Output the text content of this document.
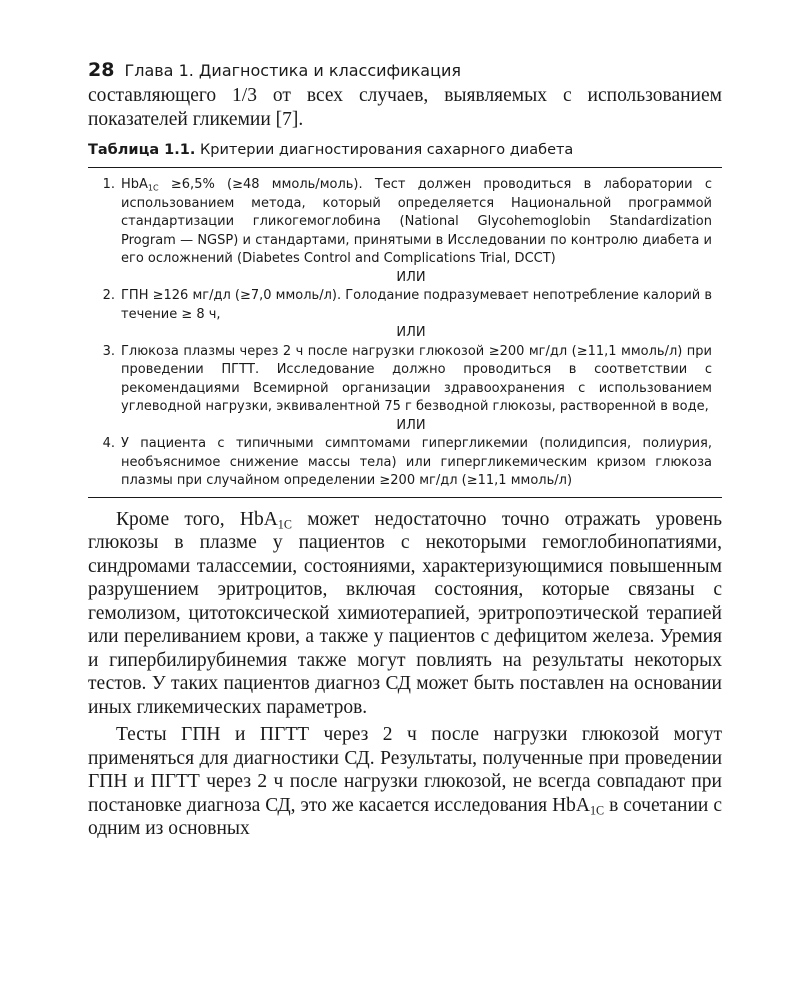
28 Глава 1. Диагностика и классификация

составляющего 1/3 от всех случаев, выявляемых с использованием показателей гликемии [7].

Таблица 1.1. Критерии диагностирования сахарного диабета
1. HbA$_{1C}$ ≥6,5% (≥48 ммоль/моль). Тест должен проводиться в лаборатории с использованием метода, который определяется Национальной программой стандартизации гликогемоглобина (National Glycohemoglobin Standardization Program — NGSP) и стандартами, принятыми в Исследовании по контролю диабета и его осложнений (Diabetes Control and Complications Trial, DCCT)
ИЛИ
2. ГПН ≥126 мг/дл (≥7,0 ммоль/л). Голодание подразумевает непотребление калорий в течение ≥ 8 ч,
ИЛИ
3. Глюкоза плазмы через 2 ч после нагрузки глюкозой ≥200 мг/дл (≥11,1 ммоль/л) при проведении ПГТТ. Исследование должно проводиться в соответствии с рекомендациями Всемирной организации здравоохранения с использованием углеводной нагрузки, эквивалентной 75 г безводной глюкозы, растворенной в воде,
ИЛИ
4. У пациента с типичными симптомами гипергликемии (полидипсия, полиурия, необъяснимое снижение массы тела) или гипергликемическим кризом глюкоза плазмы при случайном определении ≥200 мг/дл (≥11,1 ммоль/л)

Кроме того, HbA$_{1C}$ может недостаточно точно отражать уровень глюкозы в плазме у пациентов с некоторыми гемоглобинопатиями, синдромами талассемии, состояниями, характеризующимися повышенным разрушением эритроцитов, включая состояния, которые связаны с гемолизом, цитотоксической химиотерапией, эритропоэтической терапией или переливанием крови, а также у пациентов с дефицитом железа. Уремия и гипербилирубинемия также могут повлиять на результаты некоторых тестов. У таких пациентов диагноз СД может быть поставлен на основании иных гликемических параметров.

Тесты ГПН и ПГТТ через 2 ч после нагрузки глюкозой могут применяться для диагностики СД. Результаты, полученные при проведении ГПН и ПГТТ через 2 ч после нагрузки глюкозой, не всегда совпадают при постановке диагноза СД, это же касается исследования HbA$_{1C}$ в сочетании с одним из основных
